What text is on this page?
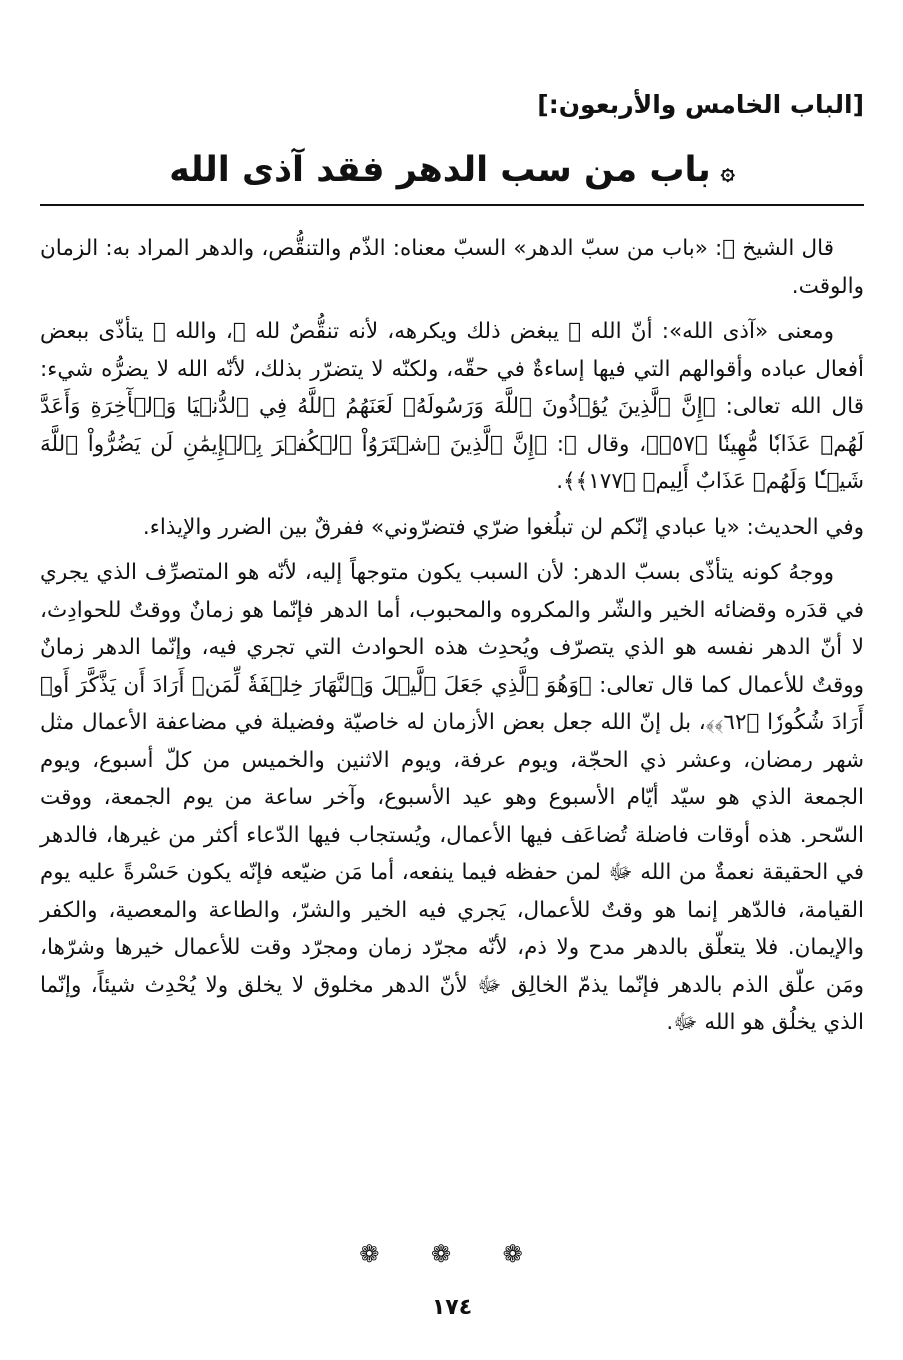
[الباب الخامس والأربعون:]
۞باب من سب الدهر فقد آذى الله

قال الشيخ ﷫: «باب من سبّ الدهر» السبّ معناه: الذّم والتنقُّص، والدهر المراد به: الزمان والوقت.

ومعنى «آذى الله»: أنّ الله ﷻ يبغض ذلك ويكرهه، لأنه تنقُّصٌ لله ﷻ، والله ﷻ يتأذّى ببعض أفعال عباده وأقوالهم التي فيها إساءةٌ في حقّه، ولكنّه لا يتضرّر بذلك، لأنّه الله لا يضرُّه شيء: قال الله تعالى: ﴿إِنَّ ٱلَّذِينَ يُؤۡذُونَ ٱللَّهَ وَرَسُولَهُۥ لَعَنَهُمُ ٱللَّهُ فِي ٱلدُّنۡيَا وَٱلۡأٓخِرَةِ وَأَعَدَّ لَهُمۡ عَذَابٗا مُّهِينٗا ﴿٥٧﴾﴾، وقال ﷻ: ﴿إِنَّ ٱلَّذِينَ ٱشۡتَرَوُاْ ٱلۡكُفۡرَ بِٱلۡإِيمَٰنِ لَن يَضُرُّواْ ٱللَّهَ شَيۡـٔٗا وَلَهُمۡ عَذَابٌ أَلِيمٞ ﴿١٧٧﴾﴾.

وفي الحديث: «يا عبادي إنّكم لن تبلُغوا ضرّي فتضرّوني» ففرقٌ بين الضرر والإيذاء.

ووجهُ كونه يتأذّى بسبّ الدهر: لأن السبب يكون متوجهاً إليه، لأنّه هو المتصرِّف الذي يجري في قدَره وقضائه الخير والشّر والمكروه والمحبوب، أما الدهر فإنّما هو زمانٌ ووقتٌ للحوادِث، لا أنّ الدهر نفسه هو الذي يتصرّف ويُحدِث هذه الحوادث التي تجري فيه، وإنّما الدهر زمانٌ ووقتٌ للأعمال كما قال تعالى: ﴿وَهُوَ ٱلَّذِي جَعَلَ ٱلَّيۡلَ وَٱلنَّهَارَ خِلۡفَةٗ لِّمَنۡ أَرَادَ أَن يَذَّكَّرَ أَوۡ أَرَادَ شُكُورٗا ﴿٦٢﴾﴾، بل إنّ الله جعل بعض الأزمان له خاصيّة وفضيلة في مضاعفة الأعمال مثل شهر رمضان، وعشر ذي الحجّة، ويوم عرفة، ويوم الاثنين والخميس من كلّ أسبوع، ويوم الجمعة الذي هو سيّد أيّام الأسبوع وهو عيد الأسبوع، وآخر ساعة من يوم الجمعة، ووقت السّحر. هذه أوقات فاضلة تُضاعَف فيها الأعمال، ويُستجاب فيها الدّعاء أكثر من غيرها، فالدهر في الحقيقة نعمةٌ من الله ﷻ لمن حفظه فيما ينفعه، أما مَن ضيّعه فإنّه يكون حَسْرةً عليه يوم القيامة، فالدّهر إنما هو وقتٌ للأعمال، يَجري فيه الخير والشرّ، والطاعة والمعصية، والكفر والإيمان. فلا يتعلّق بالدهر مدح ولا ذم، لأنّه مجرّد زمان ومجرّد وقت للأعمال خيرها وشرّها، ومَن علّق الذم بالدهر فإنّما يذمّ الخالِق ﷻ لأنّ الدهر مخلوق لا يخلق ولا يُحْدِث شيئاً، وإنّما الذي يخلُق هو الله ﷻ.

❁ ❁ ❁
١٧٤
